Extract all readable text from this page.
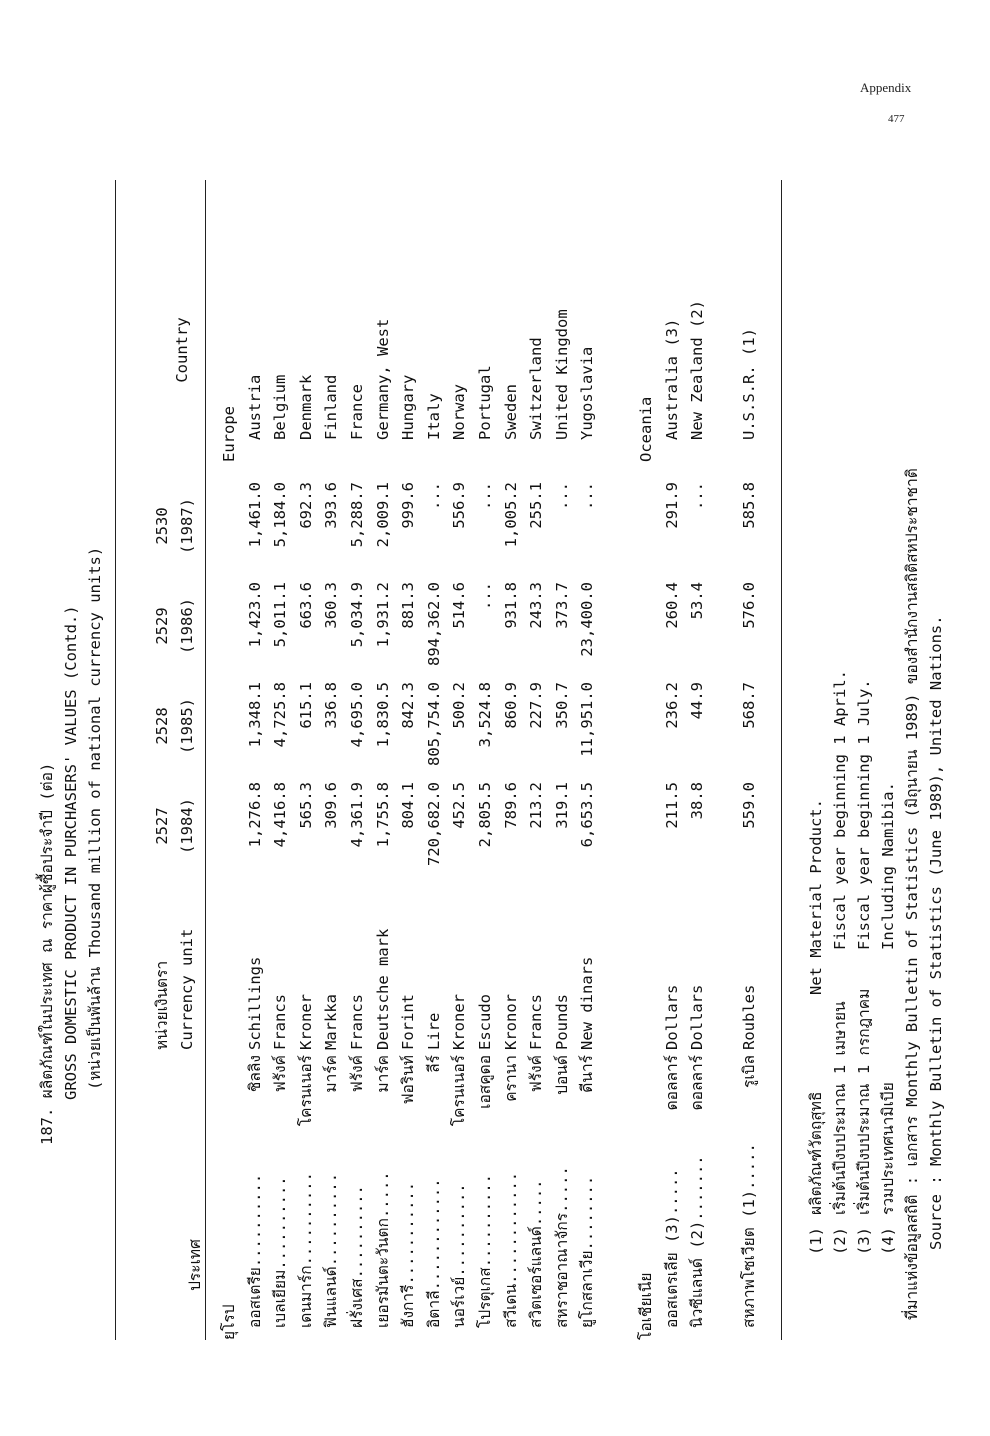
Appendix
477
187. ผลิตภัณฑ์ในประเทศ ณ ราคาผู้ซื้อประจำปี (ต่อ) GROSS DOMESTIC PRODUCT IN PURCHASERS' VALUES (Contd.) (หน่วยเป็นพันล้าน Thousand million of national currency units)
ประเทศ
หน่วยเงินตรา Currency unit
2527 (1984)
2528 (1985)
2529 (1986)
2530 (1987)
Country
ยุโรป
Europe
ออสเตรีย..........
ชิลลิง
Schillings
1,276.8
1,348.1
1,423.0
1,461.0
Austria
เบลเยียม..........
ฟรังค์
Francs
4,416.8
4,725.8
5,011.1
5,184.0
Belgium
เดนมาร์ก..........
โครนเนอร์
Kroner
565.3
615.1
663.6
692.3
Denmark
ฟินแลนด์..........
มาร์ค
Markka
309.6
336.8
360.3
393.6
Finland
ฝรั่งเศส..........
ฟรังค์
Francs
4,361.9
4,695.0
5,034.9
5,288.7
France
เยอรมันตะวันตก.....
มาร์ค
Deutsche mark
1,755.8
1,830.5
1,931.2
2,009.1
Germany, West
ฮังการี...........
ฟอรินท์
Forint
804.1
842.3
881.3
999.6
Hungary
อิตาลี............
ลีร์
Lire
720,682.0
805,754.0
894,362.0
...
Italy
นอร์เวย์..........
โครนเนอร์
Kroner
452.5
500.2
514.6
556.9
Norway
โปรตุเกส..........
เอสคูดอ
Escudo
2,805.5
3,524.8
...
...
Portugal
สวีเดน............
ครานา
Kronor
789.6
860.9
931.8
1,005.2
Sweden
สวิตเซอร์แลนด์.....
ฟรังค์
Francs
213.2
227.9
243.3
255.1
Switzerland
สหราชอาณาจักร.....
ปอนด์
Pounds
319.1
350.7
373.7
...
United Kingdom
ยูโกสลาเวีย........
ดีนาร์
New dinars
6,653.5
11,951.0
23,400.0
...
Yugoslavia
โอเชียเนีย
Oceania
ออสเตรเลีย (3).....
ดอลลาร์
Dollars
211.5
236.2
260.4
291.9
Australia (3)
นิวซีแลนด์ (2).......
ดอลลาร์
Dollars
38.8
44.9
53.4
...
New Zealand (2)
สหภาพโซเวียต (1).....
รูเบิล
Roubles
559.0
568.7
576.0
585.8
U.S.S.R. (1)
(1)
ผลิตภัณฑ์วัตถุสุทธิ
Net Material Product.
(2)
เริ่มต้นปีงบประมาณ 1 เมษายน
Fiscal year beginning 1 April.
(3)
เริ่มต้นปีงบประมาณ 1 กรกฎาคม
Fiscal year beginning 1 July.
(4)
รวมประเทศนามิเบีย
Including Namibia. ที่มาแห่งข้อมูลสถิติ : เอกสาร Monthly Bulletin of Statistics (มิถุนายน 1989) ของสำนักงานสถิติสหประชาชาติ Source : Monthly Bulletin of Statistics (June 1989), United Nations.
